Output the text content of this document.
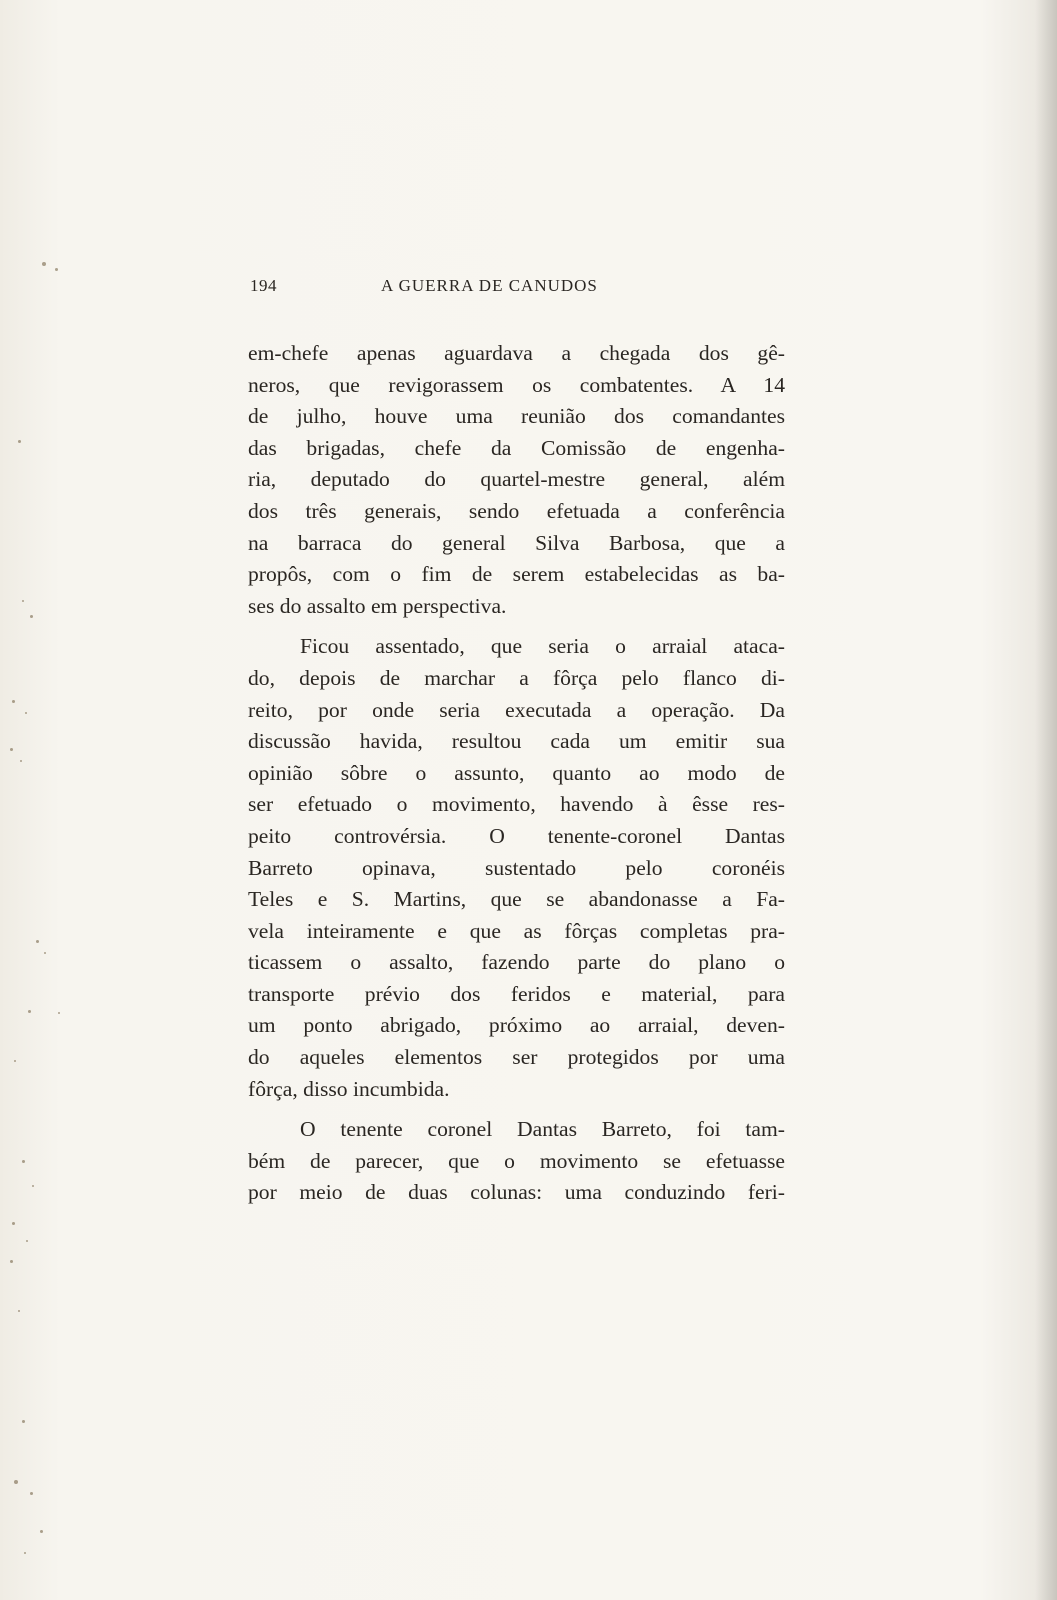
194	A GUERRA DE CANUDOS

em-chefe apenas aguardava a chegada dos gê-
neros, que revigorassem os combatentes. A 14
de julho, houve uma reunião dos comandantes
das brigadas, chefe da Comissão de engenha-
ria, deputado do quartel-mestre general, além
dos três generais, sendo efetuada a conferência
na barraca do general Silva Barbosa, que a
propôs, com o fim de serem estabelecidas as ba-
ses do assalto em perspectiva.

Ficou assentado, que seria o arraial ataca-
do, depois de marchar a fôrça pelo flanco di-
reito, por onde seria executada a operação. Da
discussão havida, resultou cada um emitir sua
opinião sôbre o assunto, quanto ao modo de
ser efetuado o movimento, havendo à êsse res-
peito controvérsia. O tenente-coronel Dantas
Barreto opinava, sustentado pelo coronéis
Teles e S. Martins, que se abandonasse a Fa-
vela inteiramente e que as fôrças completas pra-
ticassem o assalto, fazendo parte do plano o
transporte prévio dos feridos e material, para
um ponto abrigado, próximo ao arraial, deven-
do aqueles elementos ser protegidos por uma
fôrça, disso incumbida.

O tenente coronel Dantas Barreto, foi tam-
bém de parecer, que o movimento se efetuasse
por meio de duas colunas: uma conduzindo feri-
